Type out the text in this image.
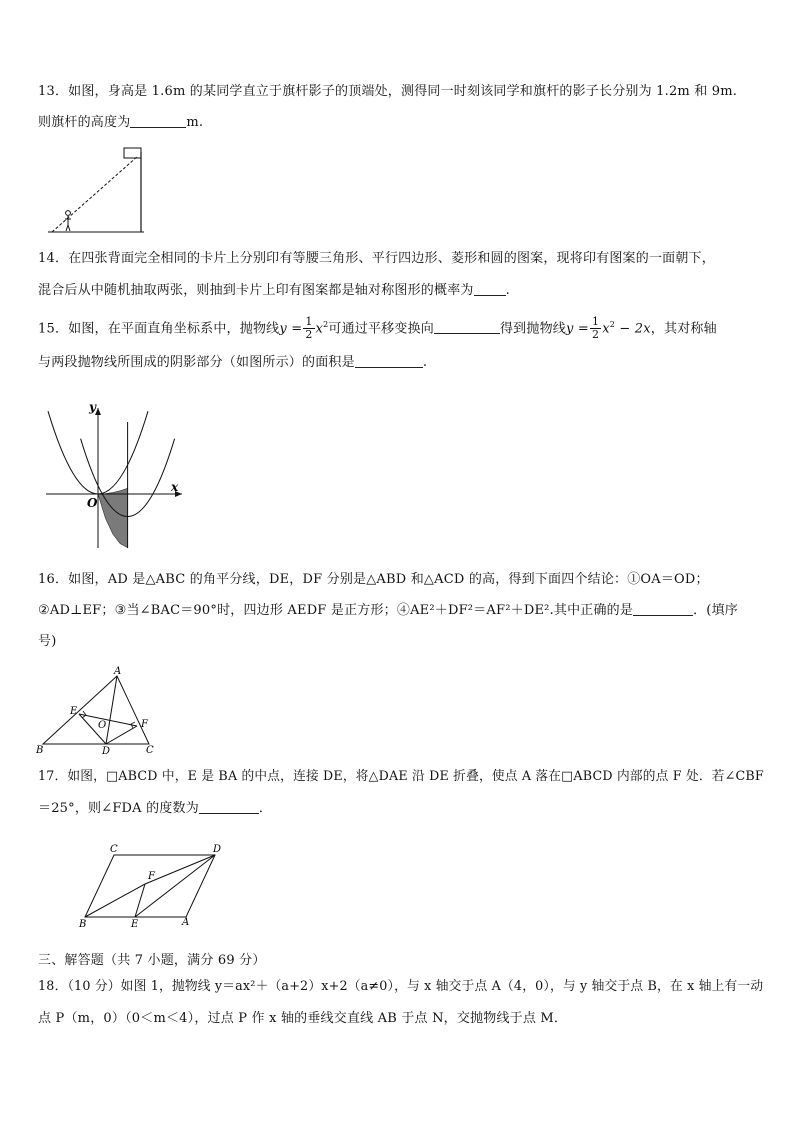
13．如图，身高是 1.6m 的某同学直立于旗杆影子的顶端处，测得同一时刻该同学和旗杆的影子长分别为 1.2m 和 9m.
则旗杆的高度为	m.
14．在四张背面完全相同的卡片上分别印有等腰三角形、平行四边形、菱形和圆的图案，现将印有图案的一面朝下，
混合后从中随机抽取两张，则抽到卡片上印有图案都是轴对称图形的概率为 .
15．如图，在平面直角坐标系中，抛物线$y = \frac{1}{2} x^2$可通过平移变换向	得到抛物线$y = \frac{1}{2} x^2 - 2x$，其对称轴
与两段抛物线所围成的阴影部分（如图所示）的面积是	.
O
y
x
16．如图，AD 是△ABC 的角平分线，DE，DF 分别是△ABD 和△ACD 的高，得到下面四个结论：①OA＝OD；
②AD⊥EF；③当∠BAC＝90°时，四边形 AEDF 是正方形；④AE²＋DF²＝AF²＋DE².其中正确的是	．(填序
号)
A
B	C
D
E
F
O
17．如图，□ABCD 中，E 是 BA 的中点，连接 DE，将△DAE 沿 DE 折叠，使点 A 落在□ABCD 内部的点 F 处．若∠CBF
＝25°，则∠FDA 的度数为	．
C	D
F
B	E	A
三、解答题（共 7 小题，满分 69 分）
18．（10 分）如图 1，抛物线 y＝ax²＋（a+2）x+2（a≠0），与 x 轴交于点 A（4，0），与 y 轴交于点 B，在 x 轴上有一动
点 P（m，0）（0＜m＜4），过点 P 作 x 轴的垂线交直线 AB 于点 N，交抛物线于点 M．
